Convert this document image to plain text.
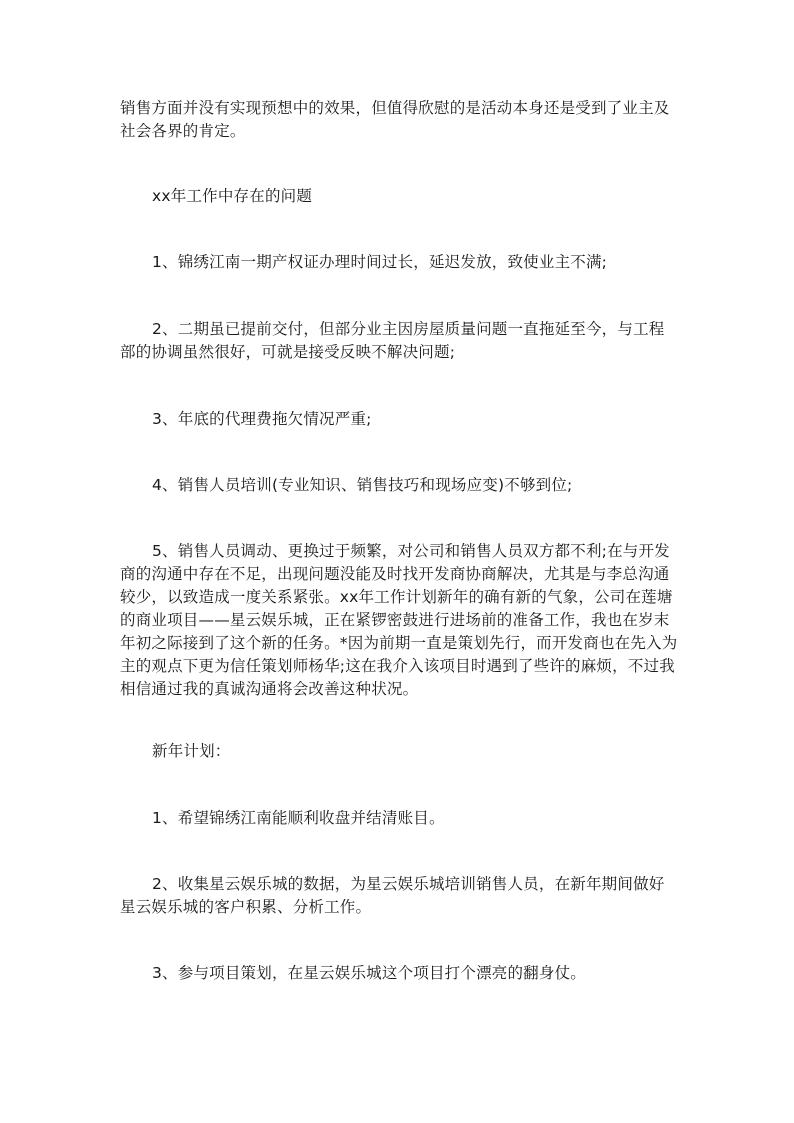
销售方面并没有实现预想中的效果，但值得欣慰的是活动本身还是受到了业主及社会各界的肯定。

xx年工作中存在的问题

1、锦绣江南一期产权证办理时间过长，延迟发放，致使业主不满;

2、二期虽已提前交付，但部分业主因房屋质量问题一直拖延至今，与工程部的协调虽然很好，可就是接受反映不解决问题;

3、年底的代理费拖欠情况严重;

4、销售人员培训(专业知识、销售技巧和现场应变)不够到位;

5、销售人员调动、更换过于频繁，对公司和销售人员双方都不利;在与开发商的沟通中存在不足，出现问题没能及时找开发商协商解决，尤其是与李总沟通较少，以致造成一度关系紧张。xx年工作计划新年的确有新的气象，公司在莲塘的商业项目——星云娱乐城，正在紧锣密鼓进行进场前的准备工作，我也在岁末年初之际接到了这个新的任务。*因为前期一直是策划先行，而开发商也在先入为主的观点下更为信任策划师杨华;这在我介入该项目时遇到了些许的麻烦，不过我相信通过我的真诚沟通将会改善这种状况。

新年计划：

1、希望锦绣江南能顺利收盘并结清账目。

2、收集星云娱乐城的数据，为星云娱乐城培训销售人员，在新年期间做好星云娱乐城的客户积累、分析工作。

3、参与项目策划，在星云娱乐城这个项目打个漂亮的翻身仗。
